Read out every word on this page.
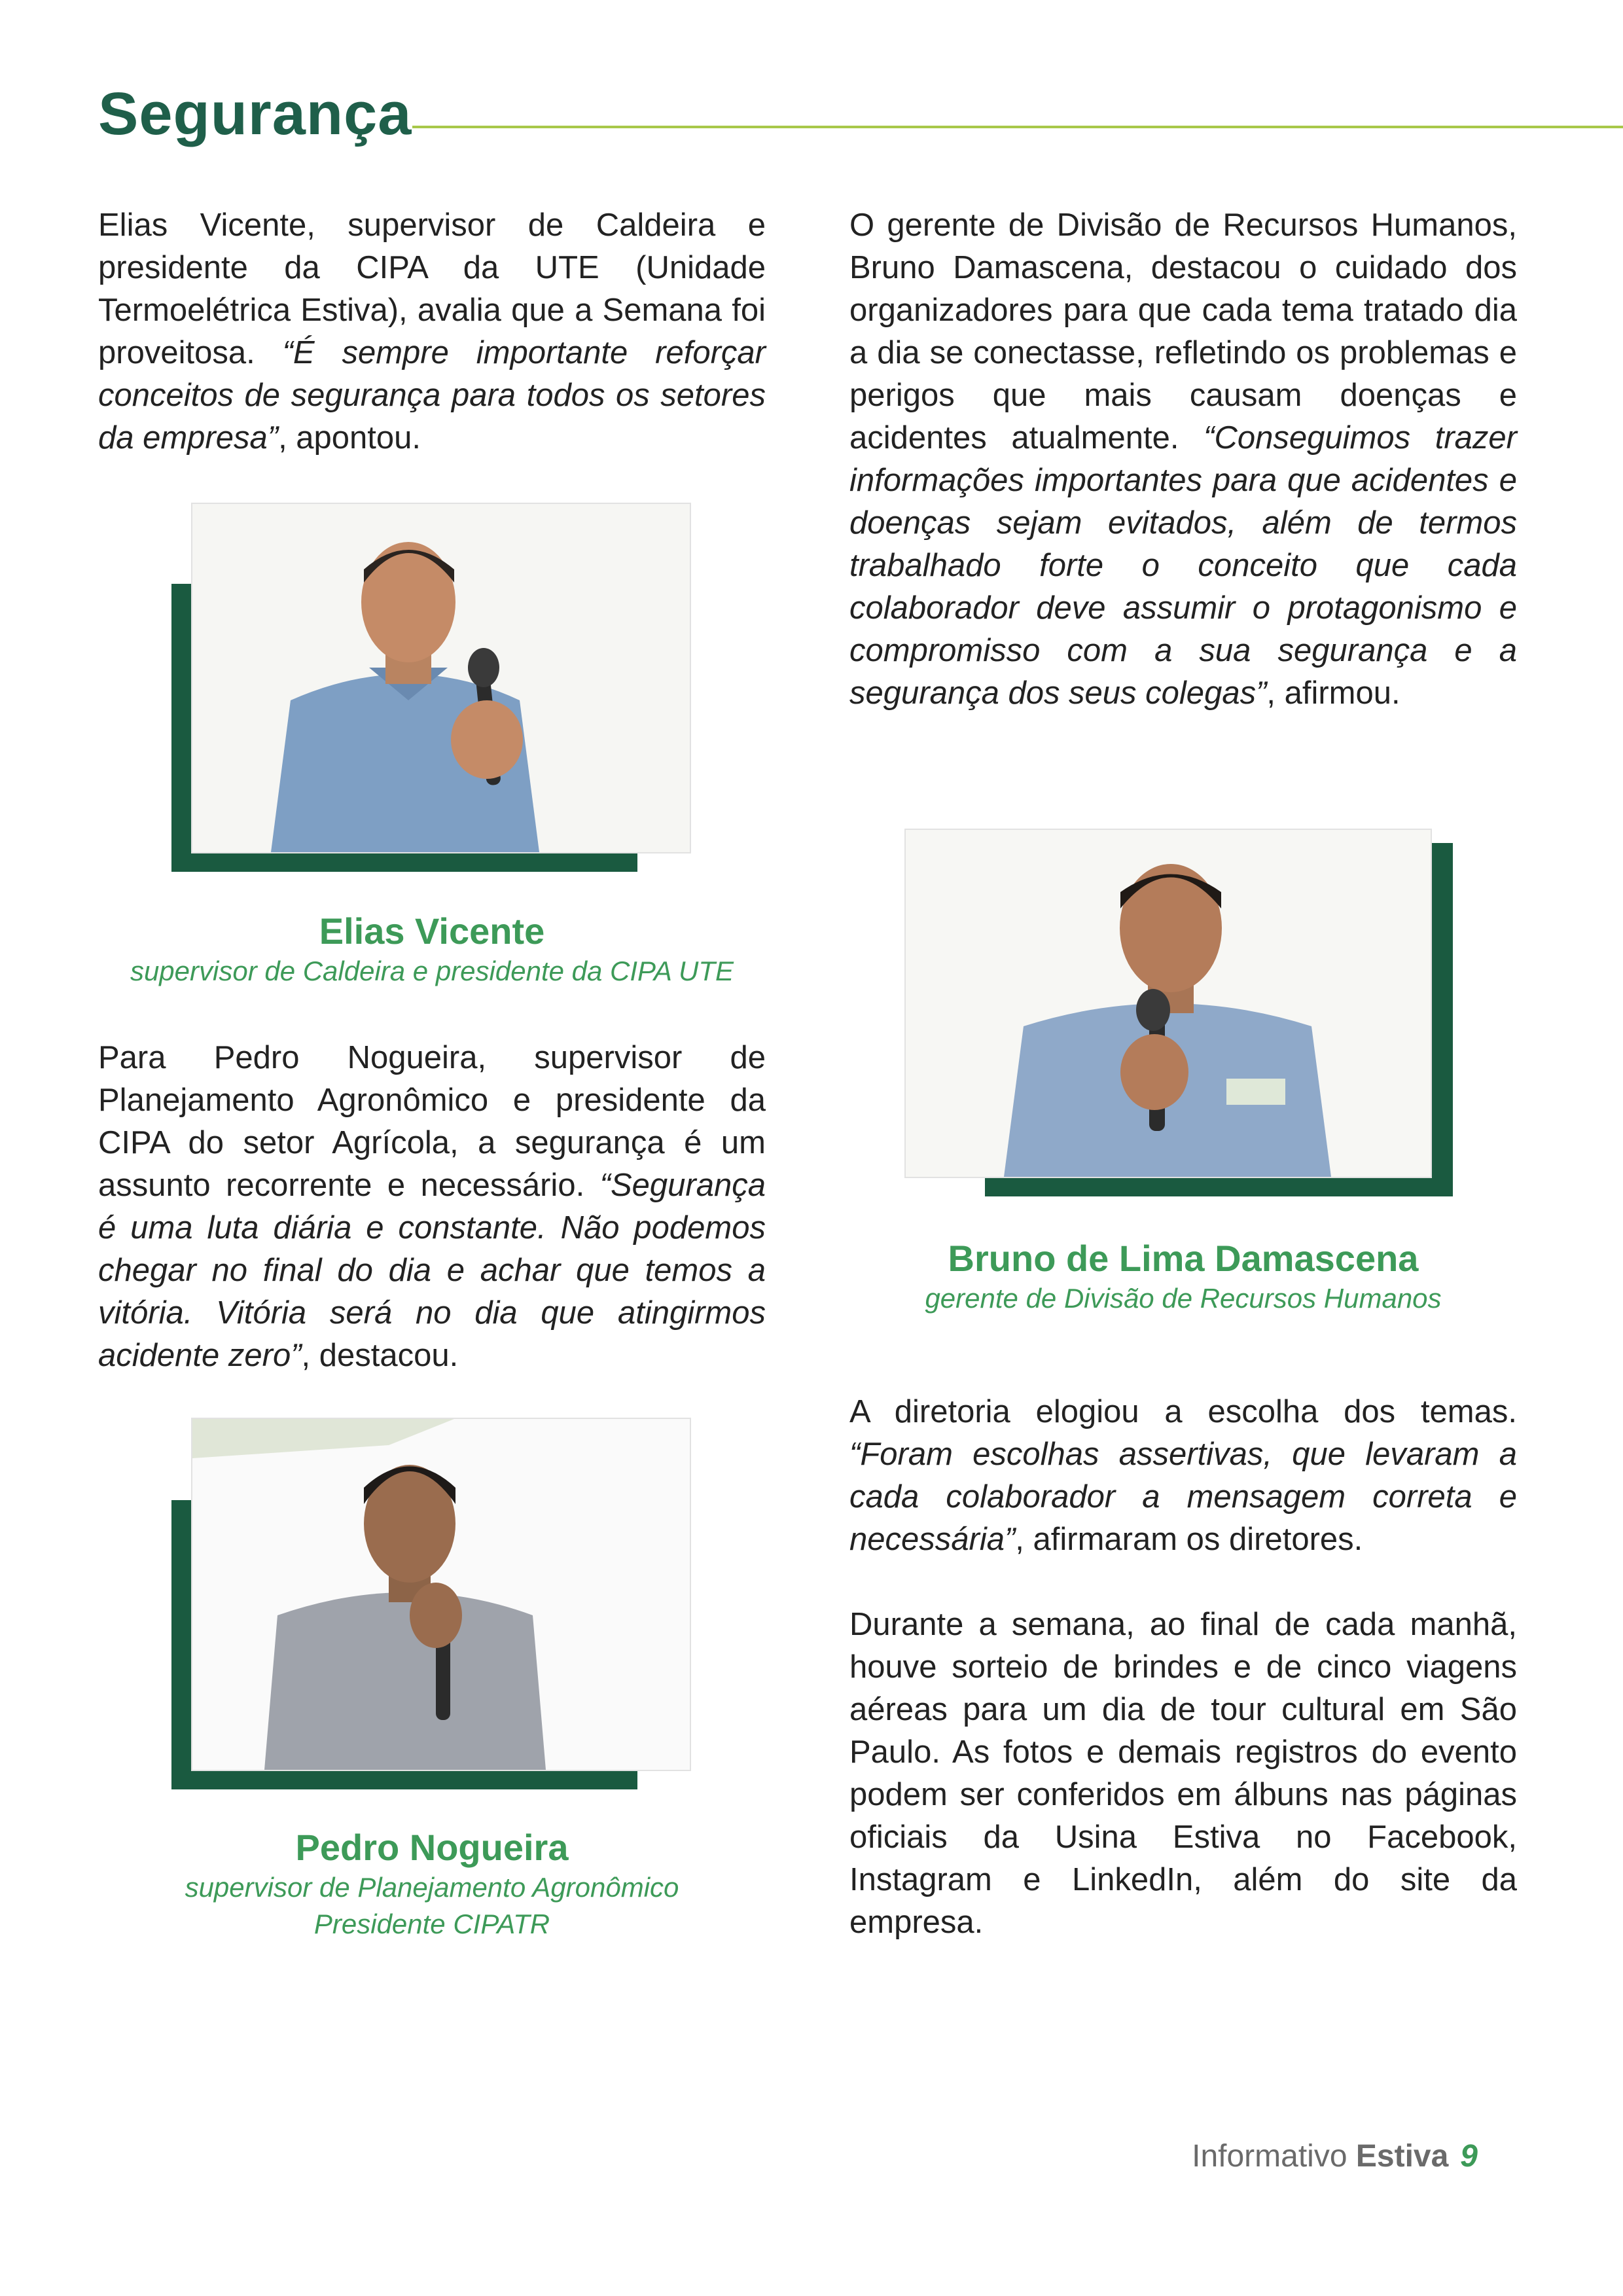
Segurança

Elias Vicente, supervisor de Caldeira e presidente da CIPA da UTE (Unidade Termoelétrica Estiva), avalia que a Semana foi proveitosa. “É sempre importante reforçar conceitos de segurança para todos os setores da empresa”, apontou.

Elias Vicente
supervisor de Caldeira e presidente da CIPA UTE

Para Pedro Nogueira, supervisor de Planejamento Agronômico e presidente da CIPA do setor Agrícola, a segurança é um assunto recorrente e necessário. “Segurança é uma luta diária e constante. Não podemos chegar no final do dia e achar que temos a vitória. Vitória será no dia que atingirmos acidente zero”, destacou.

Pedro Nogueira
supervisor de Planejamento Agronômico
Presidente CIPATR

O gerente de Divisão de Recursos Humanos, Bruno Damascena, destacou o cuidado dos organizadores para que cada tema tratado dia a dia se conectasse, refletindo os problemas e perigos que mais causam doenças e acidentes atualmente. “Conseguimos trazer informações importantes para que acidentes e doenças sejam evitados, além de termos trabalhado forte o conceito que cada colaborador deve assumir o protagonismo e compromisso com a sua segurança e a segurança dos seus colegas”, afirmou.

Bruno de Lima Damascena
gerente de Divisão de Recursos Humanos

A diretoria elogiou a escolha dos temas. “Foram escolhas assertivas, que levaram a cada colaborador a mensagem correta e necessária”, afirmaram os diretores.

Durante a semana, ao final de cada manhã, houve sorteio de brindes e de cinco viagens aéreas para um dia de tour cultural em São Paulo. As fotos e demais registros do evento podem ser conferidos em álbuns nas páginas oficiais da Usina Estiva no Facebook, Instagram e LinkedIn, além do site da empresa.

Informativo Estiva 9
